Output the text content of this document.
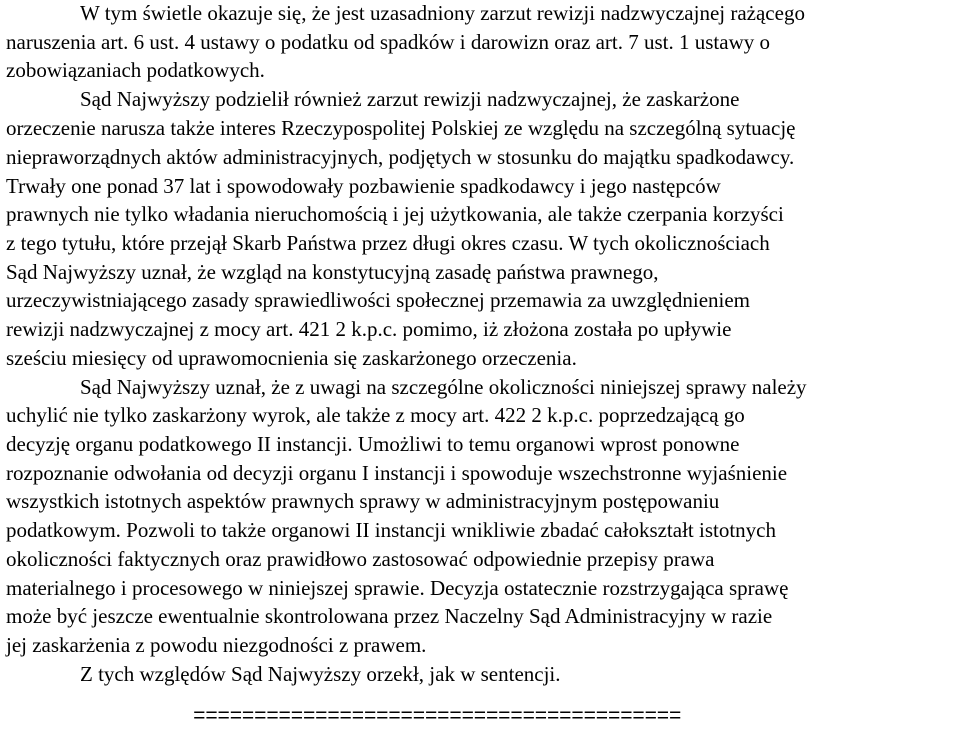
W tym świetle okazuje się, że jest uzasadniony zarzut rewizji nadzwyczajnej rażącego
naruszenia art. 6 ust. 4 ustawy o podatku od spadków i darowizn oraz art. 7 ust. 1 ustawy o
zobowiązaniach podatkowych.
Sąd Najwyższy podzielił również zarzut rewizji nadzwyczajnej, że zaskarżone
orzeczenie narusza także interes Rzeczypospolitej Polskiej ze względu na szczególną sytuację
niepraworządnych aktów administracyjnych, podjętych w stosunku do majątku spadkodawcy.
Trwały one ponad 37 lat i spowodowały pozbawienie spadkodawcy i jego następców
prawnych nie tylko władania nieruchomością i jej użytkowania, ale także czerpania korzyści
z tego tytułu, które przejął Skarb Państwa przez długi okres czasu. W tych okolicznościach
Sąd Najwyższy uznał, że wzgląd na konstytucyjną zasadę państwa prawnego,
urzeczywistniającego zasady sprawiedliwości społecznej przemawia za uwzględnieniem
rewizji nadzwyczajnej z mocy art. 421 2 k.p.c. pomimo, iż złożona została po upływie
sześciu miesięcy od uprawomocnienia się zaskarżonego orzeczenia.
Sąd Najwyższy uznał, że z uwagi na szczególne okoliczności niniejszej sprawy należy
uchylić nie tylko zaskarżony wyrok, ale także z mocy art. 422 2 k.p.c. poprzedzającą go
decyzję organu podatkowego II instancji. Umożliwi to temu organowi wprost ponowne
rozpoznanie odwołania od decyzji organu I instancji i spowoduje wszechstronne wyjaśnienie
wszystkich istotnych aspektów prawnych sprawy w administracyjnym postępowaniu
podatkowym. Pozwoli to także organowi II instancji wnikliwie zbadać całokształt istotnych
okoliczności faktycznych oraz prawidłowo zastosować odpowiednie przepisy prawa
materialnego i procesowego w niniejszej sprawie. Decyzja ostatecznie rozstrzygająca sprawę
może być jeszcze ewentualnie skontrolowana przez Naczelny Sąd Administracyjny w razie
jej zaskarżenia z powodu niezgodności z prawem.
Z tych względów Sąd Najwyższy orzekł, jak w sentencji.
========================================
